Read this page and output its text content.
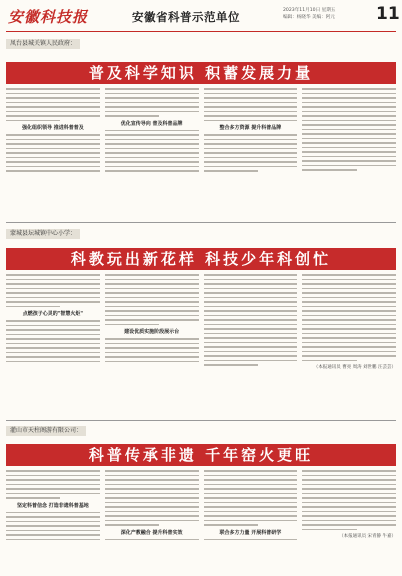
安徽科技报	安徽省科普示范单位	2023年11月10日 星期五
编辑：杨晓华 美编：阿元 11
凤台县城关镇人民政府：
普及科学知识 积蓄发展力量
强化组织领导 推进科普普及
优化宣传导向 普及科普品牌
整合多方资源 提升科普品牌
蒙城县坛城镇中心小学：
科教玩出新花样 科技少年科创忙
点燃孩子心灵的"智慧火炬"
建设优质实施阶段展示台
（本报通讯员 曹亮 周涛 刘世鹏 汪芸芸）
灌山市天柱阁游有限公司：
科普传承非遗 千年窑火更旺
坚定科普信念 打造非遗科普基地
深化产教融合 提升科普实效	联合多方力量 开展科普研学
（本报通讯员 宋青静 牛嘉）
